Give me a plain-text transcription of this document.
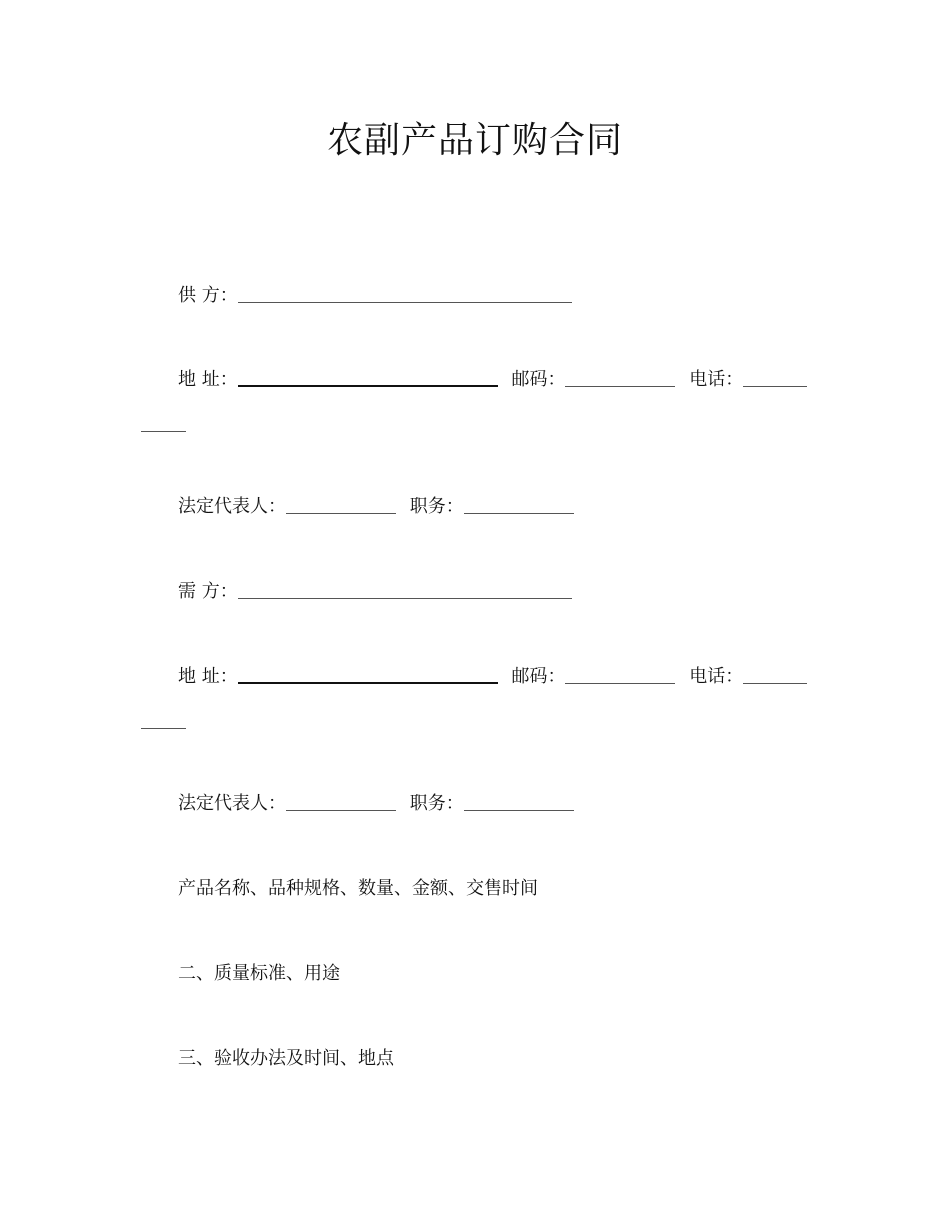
农副产品订购合同
供 方：
地 址：	邮码：	电话：
法定代表人：	职务：
需 方：
地 址：	邮码：	电话：
法定代表人：	职务：
产品名称、品种规格、数量、金额、交售时间
二、质量标准、用途
三、验收办法及时间、地点
